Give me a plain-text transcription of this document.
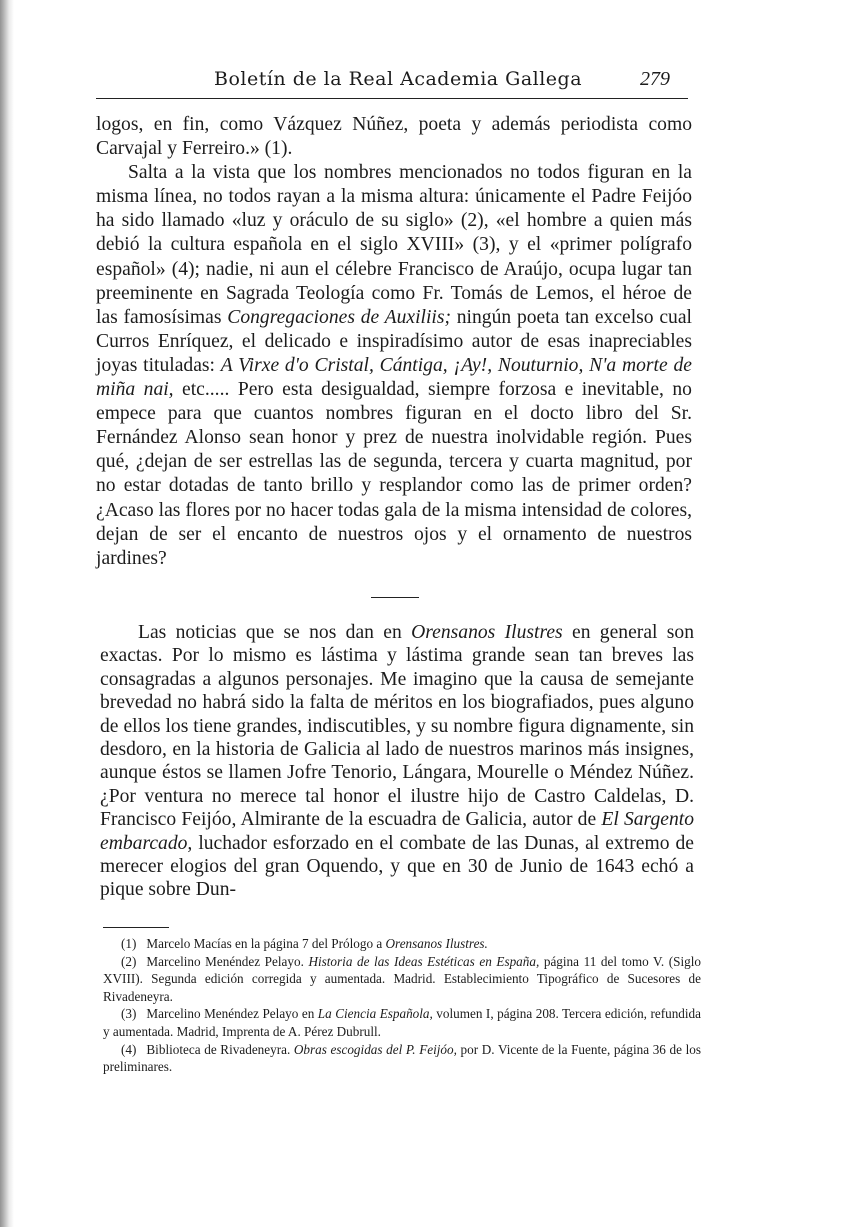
Boletín de la Real Academia Gallega	279

logos, en fin, como Vázquez Núñez, poeta y además periodista como Carvajal y Ferreiro.» (1).

Salta a la vista que los nombres mencionados no todos figuran en la misma línea, no todos rayan a la misma altura: únicamente el Padre Feijóo ha sido llamado «luz y oráculo de su siglo» (2), «el hombre a quien más debió la cultura española en el siglo XVIII» (3), y el «primer polígrafo español» (4); nadie, ni aun el célebre Francisco de Araújo, ocupa lugar tan preeminente en Sagrada Teología como Fr. Tomás de Lemos, el héroe de las famosísimas Congregaciones de Auxiliis; ningún poeta tan excelso cual Curros Enríquez, el delicado e inspiradísimo autor de esas inapreciables joyas tituladas: A Virxe d'o Cristal, Cántiga, ¡Ay!, Nouturnio, N'a morte de miña nai, etc..... Pero esta desigualdad, siempre forzosa e inevitable, no empece para que cuantos nombres figuran en el docto libro del Sr. Fernández Alonso sean honor y prez de nuestra inolvidable región. Pues qué, ¿dejan de ser estrellas las de segunda, tercera y cuarta magnitud, por no estar dotadas de tanto brillo y resplandor como las de primer orden? ¿Acaso las flores por no hacer todas gala de la misma intensidad de colores, dejan de ser el encanto de nuestros ojos y el ornamento de nuestros jardines?

Las noticias que se nos dan en Orensanos Ilustres en general son exactas. Por lo mismo es lástima y lástima grande sean tan breves las consagradas a algunos personajes. Me imagino que la causa de semejante brevedad no habrá sido la falta de méritos en los biografiados, pues alguno de ellos los tiene grandes, indiscutibles, y su nombre figura dignamente, sin desdoro, en la historia de Galicia al lado de nuestros marinos más insignes, aunque éstos se llamen Jofre Tenorio, Lángara, Mourelle o Méndez Núñez. ¿Por ventura no merece tal honor el ilustre hijo de Castro Caldelas, D. Francisco Feijóo, Almirante de la escuadra de Galicia, autor de El Sargento embarcado, luchador esforzado en el combate de las Dunas, al extremo de merecer elogios del gran Oquendo, y que en 30 de Junio de 1643 echó a pique sobre Dun-

(1) Marcelo Macías en la página 7 del Prólogo a Orensanos Ilustres.

(2) Marcelino Menéndez Pelayo. Historia de las Ideas Estéticas en España, página 11 del tomo V. (Siglo XVIII). Segunda edición corregida y aumentada. Madrid. Establecimiento Tipográfico de Sucesores de Rivadeneyra.

(3) Marcelino Menéndez Pelayo en La Ciencia Española, volumen I, página 208. Tercera edición, refundida y aumentada. Madrid, Imprenta de A. Pérez Dubrull.

(4) Biblioteca de Rivadeneyra. Obras escogidas del P. Feijóo, por D. Vicente de la Fuente, página 36 de los preliminares.
